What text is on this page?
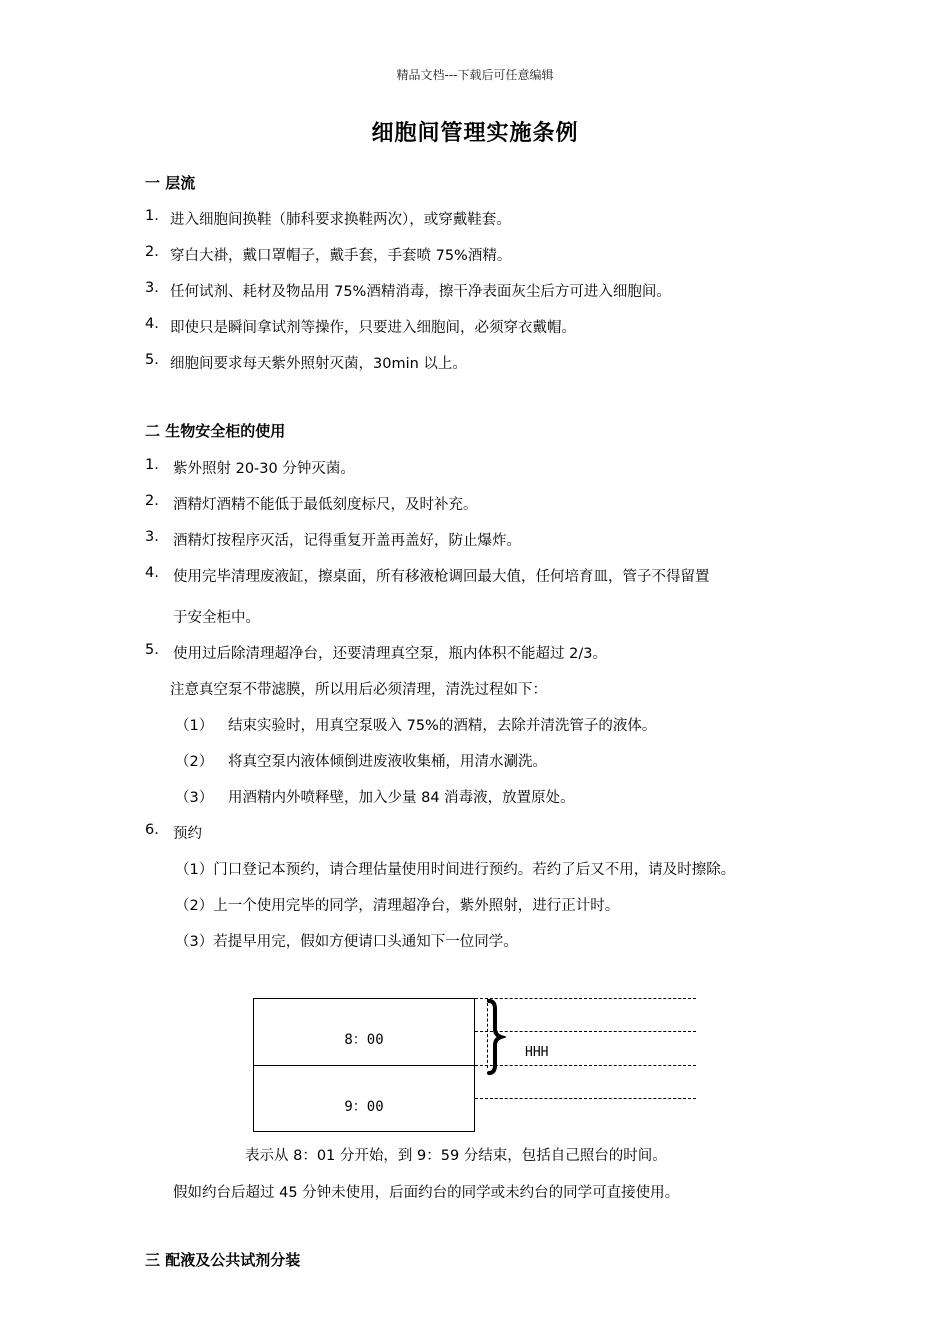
精品文档---下载后可任意编辑
细胞间管理实施条例
一 层流
1. 进入细胞间换鞋（肺科要求换鞋两次），或穿戴鞋套。
2. 穿白大褂，戴口罩帽子，戴手套，手套喷 75%酒精。
3. 任何试剂、耗材及物品用 75%酒精消毒，擦干净表面灰尘后方可进入细胞间。
4. 即使只是瞬间拿试剂等操作，只要进入细胞间，必须穿衣戴帽。
5. 细胞间要求每天紫外照射灭菌，30min 以上。
二 生物安全柜的使用
1. 紫外照射 20-30 分钟灭菌。
2. 酒精灯酒精不能低于最低刻度标尺，及时补充。
3. 酒精灯按程序灭活，记得重复开盖再盖好，防止爆炸。
4. 使用完毕清理废液缸，擦桌面，所有移液枪调回最大值，任何培育皿，管子不得留置
于安全柜中。
5. 使用过后除清理超净台，还要清理真空泵，瓶内体积不能超过 2/3。
注意真空泵不带滤膜，所以用后必须清理，清洗过程如下：
（1） 结束实验时，用真空泵吸入 75%的酒精，去除并清洗管子的液体。
（2） 将真空泵内液体倾倒进废液收集桶，用清水涮洗。
（3） 用酒精内外喷释壁，加入少量 84 消毒液，放置原处。
6. 预约
（1）门口登记本预约，请合理估量使用时间进行预约。若约了后又不用，请及时擦除。
（2）上一个使用完毕的同学，清理超净台，紫外照射，进行正计时。
（3）若提早用完，假如方便请口头通知下一位同学。
8：00
9：00
HHH
表示从 8：01 分开始，到 9：59 分结束，包括自己照台的时间。
假如约台后超过 45 分钟未使用，后面约台的同学或未约台的同学可直接使用。
三 配液及公共试剂分装
